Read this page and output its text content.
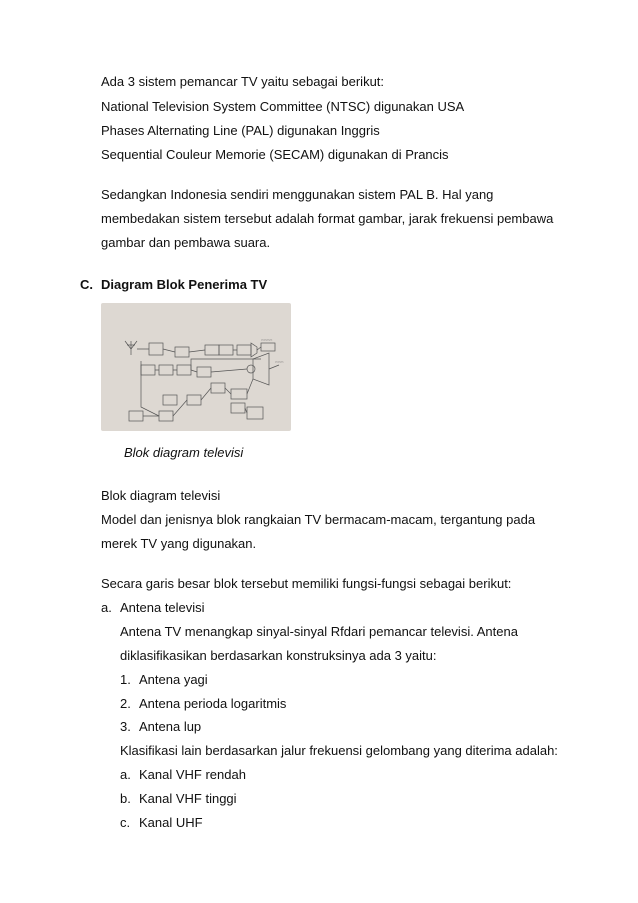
Ada 3 sistem pemancar TV yaitu sebagai berikut:
National Television System Committee (NTSC) digunakan USA
Phases Alternating Line (PAL) digunakan Inggris
Sequential Couleur Memorie (SECAM) digunakan di Prancis
Sedangkan Indonesia sendiri menggunakan sistem PAL B. Hal yang
membedakan sistem tersebut adalah format gambar, jarak frekuensi pembawa
gambar dan pembawa suara.
C. Diagram Blok Penerima TV
▭▭▭▭
▭▭▭
Blok diagram televisi
Blok diagram televisi
Model dan jenisnya blok rangkaian TV bermacam-macam, tergantung pada
merek TV yang digunakan.
Secara garis besar blok tersebut memiliki fungsi-fungsi sebagai berikut:
a. Antena televisi
Antena TV menangkap sinyal-sinyal Rfdari pemancar televisi. Antena
diklasifikasikan berdasarkan konstruksinya ada 3 yaitu:
1. Antena yagi
2. Antena perioda logaritmis
3. Antena lup
Klasifikasi lain berdasarkan jalur frekuensi gelombang yang diterima adalah:
a. Kanal VHF rendah
b. Kanal VHF tinggi
c. Kanal UHF
